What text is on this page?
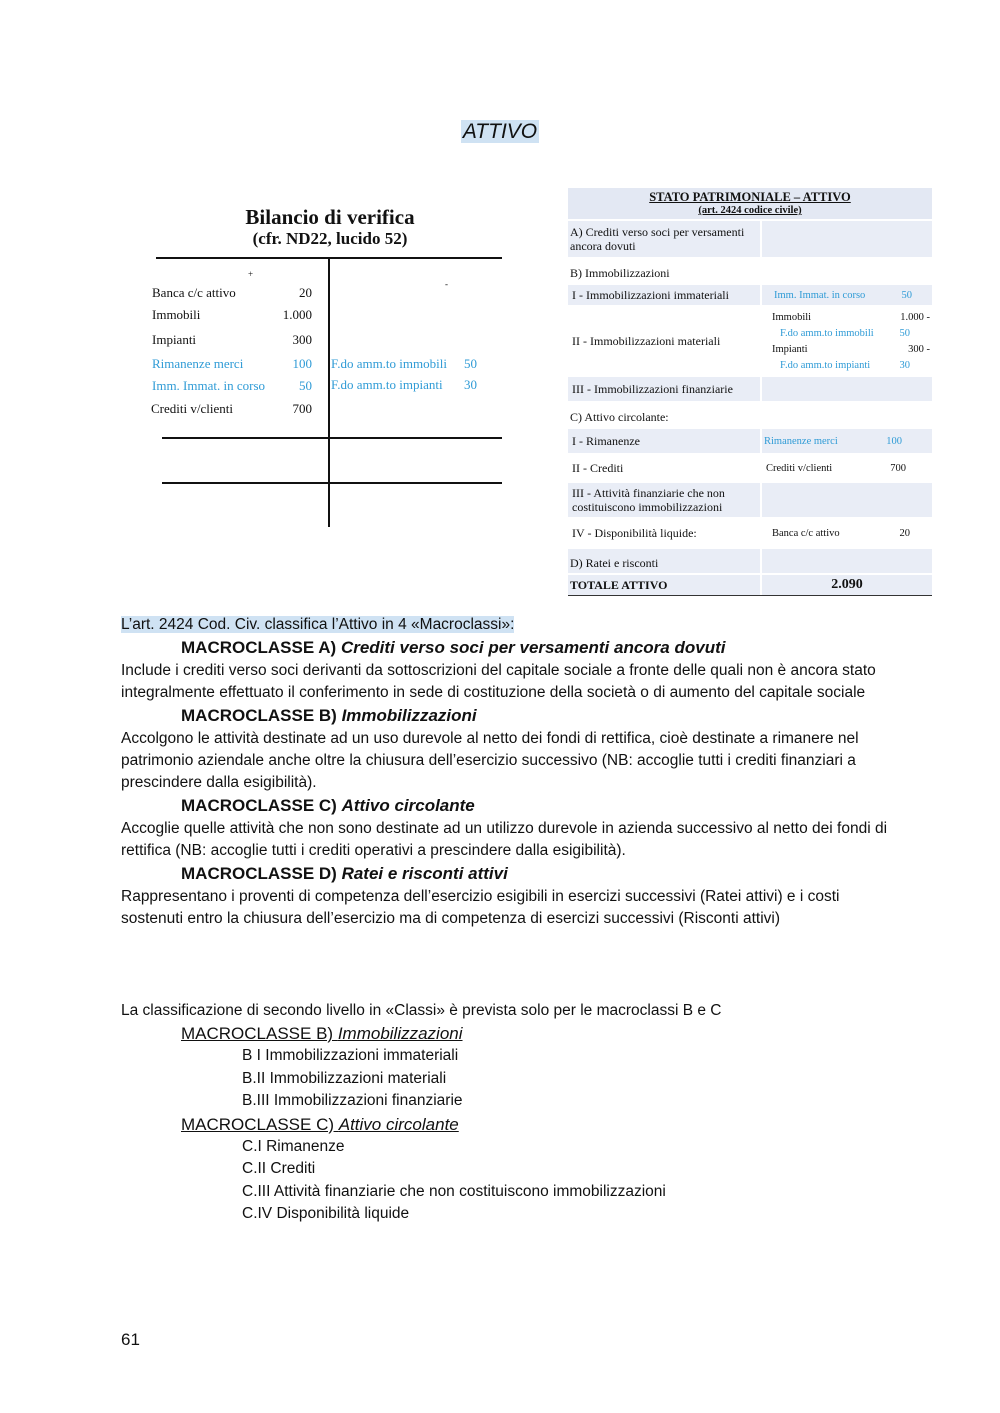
ATTIVO
Bilancio di verifica
(cfr. ND22, lucido 52)
+
-
Banca c/c attivo	20
Immobili	1.000
Impianti	300
Rimanenze merci	100
Imm. Immat. in corso	50
Crediti v/clienti	700
F.do amm.to immobili	50
F.do amm.to impianti	30
STATO PATRIMONIALE – ATTIVO
(art. 2424 codice civile)
A) Crediti verso soci per versamenti ancora dovuti
B) Immobilizzazioni
I - Immobilizzazioni immateriali	Imm. Immat. in corso	50
II - Immobilizzazioni materiali
Immobili	1.000 -
F.do amm.to immobili 50
Impianti	300 -
F.do amm.to impianti	30
III - Immobilizzazioni finanziarie
C) Attivo circolante:
I - Rimanenze	Rimanenze merci	100
II - Crediti	Crediti v/clienti	700
III - Attività finanziarie che non costituiscono immobilizzazioni
IV - Disponibilità liquide:	Banca c/c attivo	20
D) Ratei e risconti
TOTALE ATTIVO	2.090

L’art. 2424 Cod. Civ. classifica l’Attivo in 4 «Macroclassi»:

MACROCLASSE A) Crediti verso soci per versamenti ancora dovuti

Include i crediti verso soci derivanti da sottoscrizioni del capitale sociale a fronte delle quali non è ancora stato integralmente effettuato il conferimento in sede di costituzione della società o di aumento del capitale sociale

MACROCLASSE B) Immobilizzazioni

Accolgono le attività destinate ad un uso durevole al netto dei fondi di rettifica, cioè destinate a rimanere nel patrimonio aziendale anche oltre la chiusura dell’esercizio successivo (NB: accoglie tutti i crediti finanziari a prescindere dalla esigibilità).

MACROCLASSE C) Attivo circolante

Accoglie quelle attività che non sono destinate ad un utilizzo durevole in azienda successivo al netto dei fondi di rettifica (NB: accoglie tutti i crediti operativi a prescindere dalla esigibilità).

MACROCLASSE D) Ratei e risconti attivi

Rappresentano i proventi di competenza dell’esercizio esigibili in esercizi successivi (Ratei attivi) e i costi sostenuti entro la chiusura dell’esercizio ma di competenza di esercizi successivi (Risconti attivi)

La classificazione di secondo livello in «Classi» è prevista solo per le macroclassi B e C

MACROCLASSE B) Immobilizzazioni
B I Immobilizzazioni immateriali
B.II Immobilizzazioni materiali
B.III Immobilizzazioni finanziarie
MACROCLASSE C) Attivo circolante
C.I Rimanenze
C.II Crediti
C.III Attività finanziarie che non costituiscono immobilizzazioni
C.IV Disponibilità liquide
61
